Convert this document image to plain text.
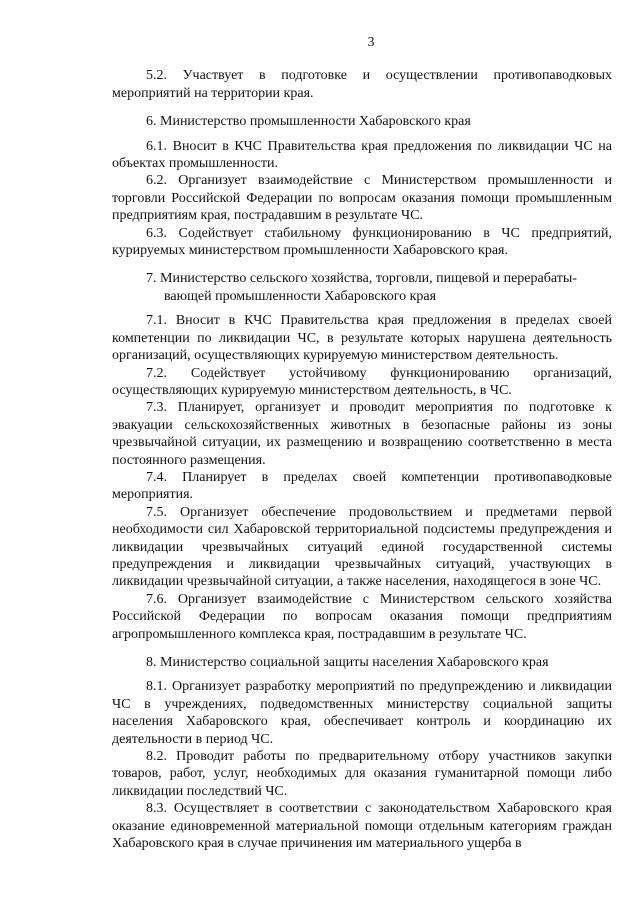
3

5.2. Участвует в подготовке и осуществлении противопаводковых мероприятий на территории края.

6. Министерство промышленности Хабаровского края

6.1. Вносит в КЧС Правительства края предложения по ликвидации ЧС на объектах промышленности.

6.2. Организует взаимодействие с Министерством промышленности и торговли Российской Федерации по вопросам оказания помощи промышленным предприятиям края, пострадавшим в результате ЧС.

6.3. Содействует стабильному функционированию в ЧС предприятий, курируемых министерством промышленности Хабаровского края.

7. Министерство сельского хозяйства, торговли, пищевой и перерабаты-
вающей промышленности Хабаровского края

7.1. Вносит в КЧС Правительства края предложения в пределах своей компетенции по ликвидации ЧС, в результате которых нарушена деятельность организаций, осуществляющих курируемую министерством деятельность.

7.2. Содействует устойчивому функционированию организаций, осуществляющих курируемую министерством деятельность, в ЧС.

7.3. Планирует, организует и проводит мероприятия по подготовке к эвакуации сельскохозяйственных животных в безопасные районы из зоны чрезвычайной ситуации, их размещению и возвращению соответственно в места постоянного размещения.

7.4. Планирует в пределах своей компетенции противопаводковые мероприятия.

7.5. Организует обеспечение продовольствием и предметами первой необходимости сил Хабаровской территориальной подсистемы предупреждения и ликвидации чрезвычайных ситуаций единой государственной системы предупреждения и ликвидации чрезвычайных ситуаций, участвующих в ликвидации чрезвычайной ситуации, а также населения, находящегося в зоне ЧС.

7.6. Организует взаимодействие с Министерством сельского хозяйства Российской Федерации по вопросам оказания помощи предприятиям агропромышленного комплекса края, пострадавшим в результате ЧС.

8. Министерство социальной защиты населения Хабаровского края

8.1. Организует разработку мероприятий по предупреждению и ликвидации ЧС в учреждениях, подведомственных министерству социальной защиты населения Хабаровского края, обеспечивает контроль и координацию их деятельности в период ЧС.

8.2. Проводит работы по предварительному отбору участников закупки товаров, работ, услуг, необходимых для оказания гуманитарной помощи либо ликвидации последствий ЧС.

8.3. Осуществляет в соответствии с законодательством Хабаровского края оказание единовременной материальной помощи отдельным категориям граждан Хабаровского края в случае причинения им материального ущерба в
